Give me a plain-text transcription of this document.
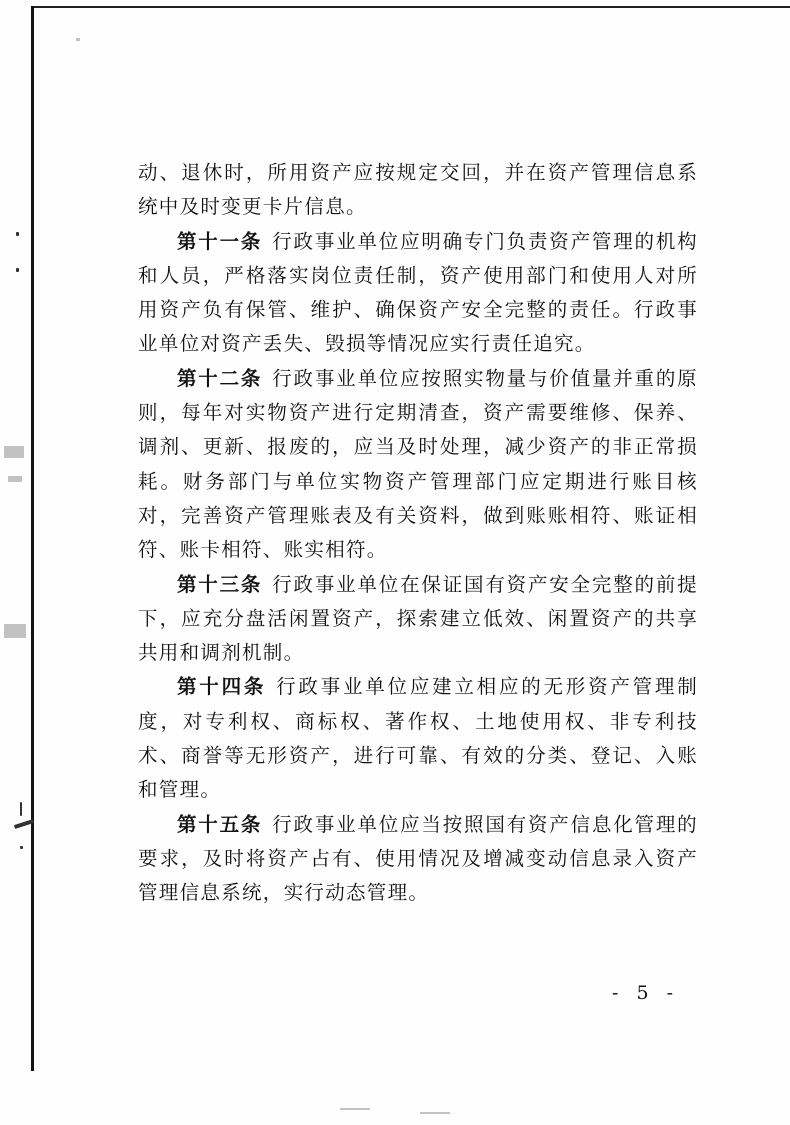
动、退休时，所用资产应按规定交回，并在资产管理信息系统中及时变更卡片信息。

第十一条 行政事业单位应明确专门负责资产管理的机构和人员，严格落实岗位责任制，资产使用部门和使用人对所用资产负有保管、维护、确保资产安全完整的责任。行政事业单位对资产丢失、毁损等情况应实行责任追究。

第十二条 行政事业单位应按照实物量与价值量并重的原则，每年对实物资产进行定期清查，资产需要维修、保养、调剂、更新、报废的，应当及时处理，减少资产的非正常损耗。财务部门与单位实物资产管理部门应定期进行账目核对，完善资产管理账表及有关资料，做到账账相符、账证相符、账卡相符、账实相符。

第十三条 行政事业单位在保证国有资产安全完整的前提下，应充分盘活闲置资产，探索建立低效、闲置资产的共享共用和调剂机制。

第十四条 行政事业单位应建立相应的无形资产管理制度，对专利权、商标权、著作权、土地使用权、非专利技术、商誉等无形资产，进行可靠、有效的分类、登记、入账和管理。

第十五条 行政事业单位应当按照国有资产信息化管理的要求，及时将资产占有、使用情况及增减变动信息录入资产管理信息系统，实行动态管理。

- 5 -
